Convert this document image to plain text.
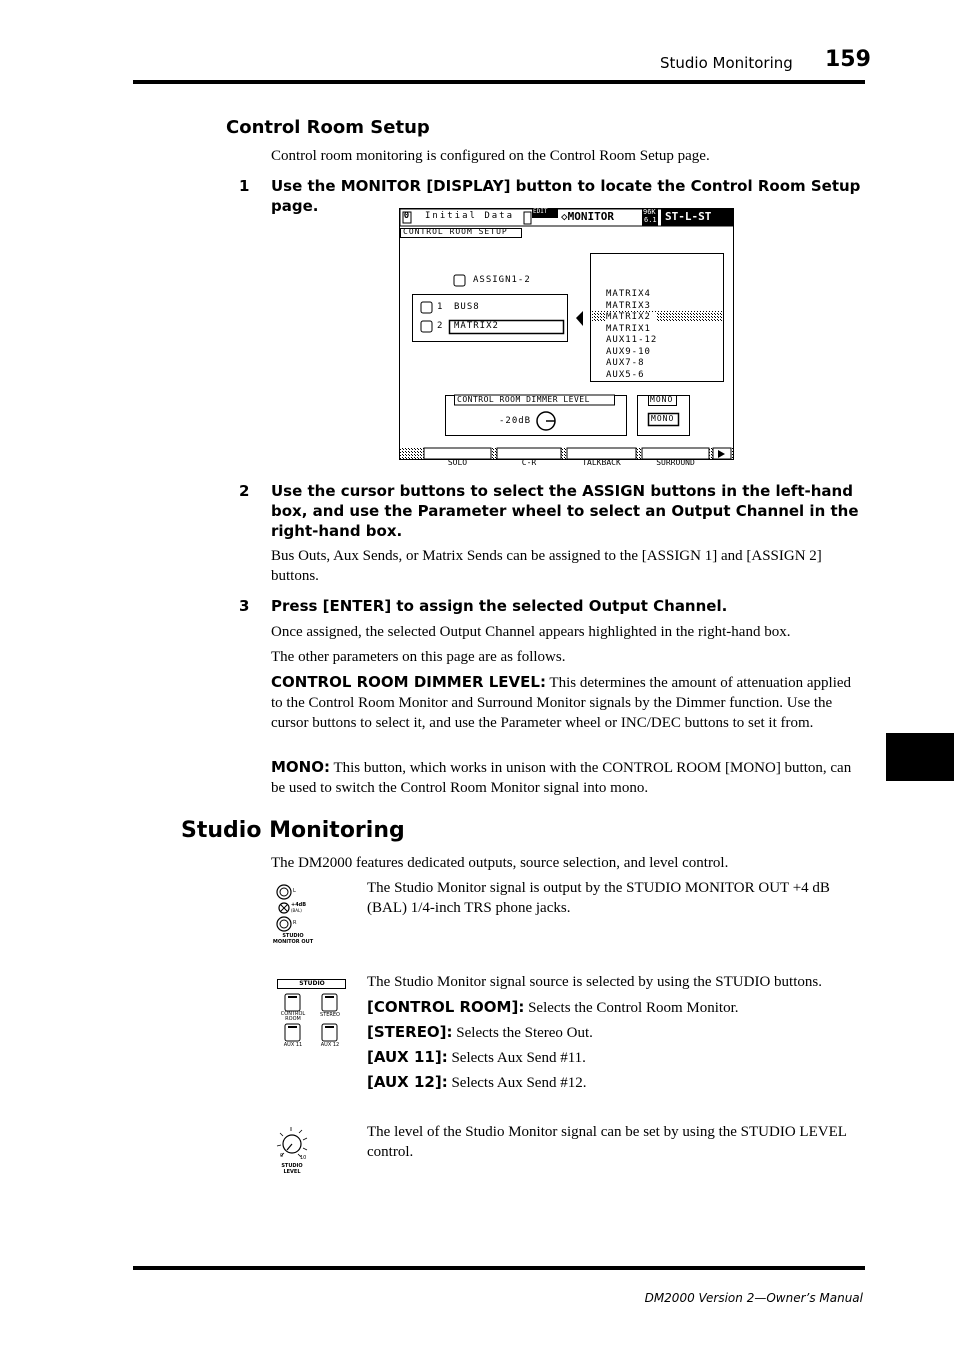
Studio Monitoring 159
Control Room Setup
Control room monitoring is configured on the Control Room Setup page.
1 Use the MONITOR [DISPLAY] button to locate the Control Room Setup page.
0 Initial Data	EDIT ◇MONITOR	96K
6.1 ST-L-ST
CONTROL ROOM SETUP
ASSIGN1-2
1 BUS8
2 MATRIX2
MATRIX4
MATRIX3
MATRIX2
MATRIX1
AUX11-12
AUX9-10
AUX7-8
AUX5-6
CONTROL ROOM DIMMER LEVEL
-20dB
MONO
MONO
SOLO	C-R	TALKBACK	SURROUND
2 Use the cursor buttons to select the ASSIGN buttons in the left-hand box, and use the Parameter wheel to select an Output Channel in the right-hand box.
Bus Outs, Aux Sends, or Matrix Sends can be assigned to the [ASSIGN 1] and [ASSIGN 2] buttons.
3 Press [ENTER] to assign the selected Output Channel.
Once assigned, the selected Output Channel appears highlighted in the right-hand box.
The other parameters on this page are as follows.
CONTROL ROOM DIMMER LEVEL: This determines the amount of attenuation applied to the Control Room Monitor and Surround Monitor signals by the Dimmer function. Use the cursor buttons to select it, and use the Parameter wheel or INC/DEC buttons to set it from.
MONO: This button, which works in unison with the CONTROL ROOM [MONO] button, can be used to switch the Control Room Monitor signal into mono.
Studio Monitoring
The DM2000 features dedicated outputs, source selection, and level control.
L
+4dB
(BAL)
R
STUDIO
MONITOR OUT
The Studio Monitor signal is output by the STUDIO MONITOR OUT +4 dB (BAL) 1/4-inch TRS phone jacks.
STUDIO
CONTROL ROOM
STEREO
AUX 11	AUX 12
The Studio Monitor signal source is selected by using the STUDIO buttons.
[CONTROL ROOM]: Selects the Control Room Monitor.
[STEREO]: Selects the Stereo Out.
[AUX 11]: Selects Aux Send #11.
[AUX 12]: Selects Aux Send #12.
0	10
STUDIO
LEVEL
The level of the Studio Monitor signal can be set by using the STUDIO LEVEL control.
DM2000 Version 2—Owner’s Manual
